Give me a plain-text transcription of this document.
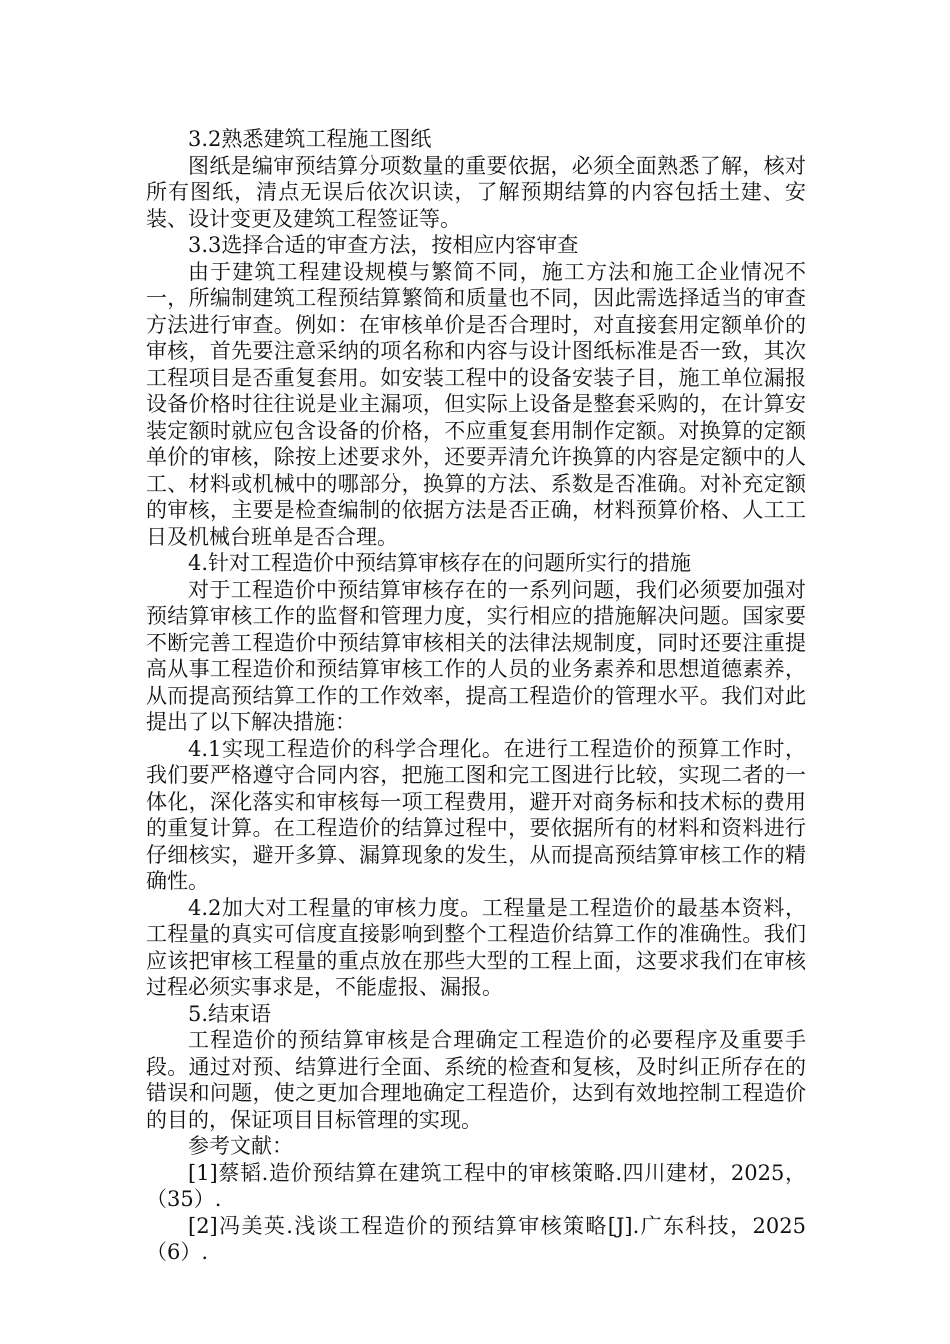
3.2熟悉建筑工程施工图纸

图纸是编审预结算分项数量的重要依据，必须全面熟悉了解，核对所有图纸，清点无误后依次识读，了解预期结算的内容包括土建、安装、设计变更及建筑工程签证等。

3.3选择合适的审查方法，按相应内容审查

由于建筑工程建设规模与繁简不同，施工方法和施工企业情况不一，所编制建筑工程预结算繁简和质量也不同，因此需选择适当的审查方法进行审查。例如：在审核单价是否合理时，对直接套用定额单价的审核，首先要注意采纳的项名称和内容与设计图纸标准是否一致，其次工程项目是否重复套用。如安装工程中的设备安装子目，施工单位漏报设备价格时往往说是业主漏项，但实际上设备是整套采购的，在计算安装定额时就应包含设备的价格，不应重复套用制作定额。对换算的定额单价的审核，除按上述要求外，还要弄清允许换算的内容是定额中的人工、材料或机械中的哪部分，换算的方法、系数是否准确。对补充定额的审核，主要是检查编制的依据方法是否正确，材料预算价格、人工工日及机械台班单是否合理。

4.针对工程造价中预结算审核存在的问题所实行的措施

对于工程造价中预结算审核存在的一系列问题，我们必须要加强对预结算审核工作的监督和管理力度，实行相应的措施解决问题。国家要不断完善工程造价中预结算审核相关的法律法规制度，同时还要注重提高从事工程造价和预结算审核工作的人员的业务素养和思想道德素养，从而提高预结算工作的工作效率，提高工程造价的管理水平。我们对此提出了以下解决措施：

4.1实现工程造价的科学合理化。在进行工程造价的预算工作时，我们要严格遵守合同内容，把施工图和完工图进行比较，实现二者的一体化，深化落实和审核每一项工程费用，避开对商务标和技术标的费用的重复计算。在工程造价的结算过程中，要依据所有的材料和资料进行仔细核实，避开多算、漏算现象的发生，从而提高预结算审核工作的精确性。

4.2加大对工程量的审核力度。工程量是工程造价的最基本资料，工程量的真实可信度直接影响到整个工程造价结算工作的准确性。我们应该把审核工程量的重点放在那些大型的工程上面，这要求我们在审核过程必须实事求是，不能虚报、漏报。

5.结束语

工程造价的预结算审核是合理确定工程造价的必要程序及重要手段。通过对预、结算进行全面、系统的检查和复核，及时纠正所存在的错误和问题，使之更加合理地确定工程造价，达到有效地控制工程造价的目的，保证项目目标管理的实现。

参考文献：

[1]蔡韬.造价预结算在建筑工程中的审核策略.四川建材，2025，（35）.

[2]冯美英.浅谈工程造价的预结算审核策略[J].广东科技，2025（6）.
